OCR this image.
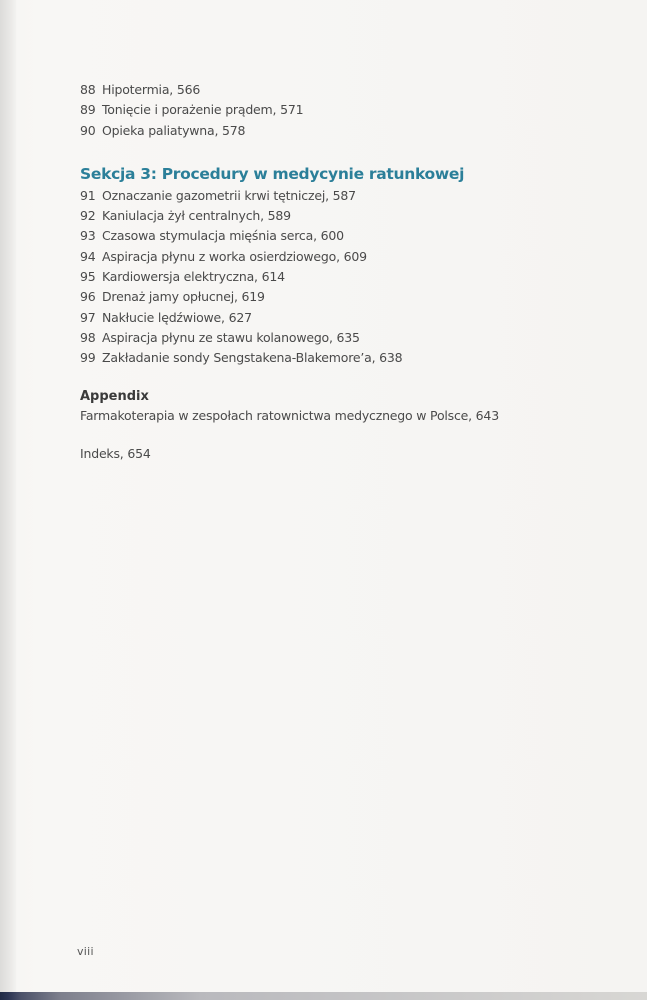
88 Hipotermia, 566
89 Tonięcie i porażenie prądem, 571
90 Opieka paliatywna, 578
Sekcja 3: Procedury w medycynie ratunkowej
91 Oznaczanie gazometrii krwi tętniczej, 587
92 Kaniulacja żył centralnych, 589
93 Czasowa stymulacja mięśnia serca, 600
94 Aspiracja płynu z worka osierdziowego, 609
95 Kardiowersja elektryczna, 614
96 Drenaż jamy opłucnej, 619
97 Nakłucie lędźwiowe, 627
98 Aspiracja płynu ze stawu kolanowego, 635
99 Zakładanie sondy Sengstakena-Blakemore’a, 638
Appendix
Farmakoterapia w zespołach ratownictwa medycznego w Polsce, 643
Indeks, 654
viii
